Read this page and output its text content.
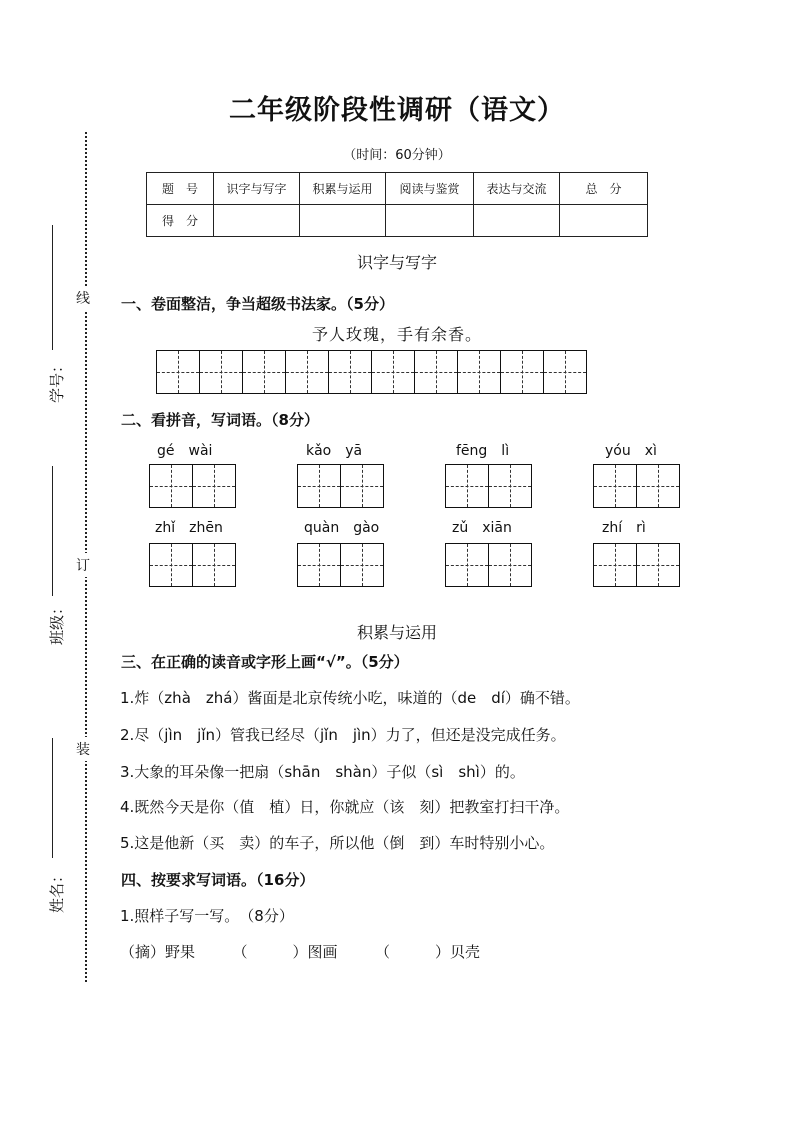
线
订
装
学号：
班级：
姓名：
二年级阶段性调研（语文）
（时间：60分钟）
题　号	识字与写字	积累与运用	阅读与鉴赏	表达与交流	总　分
得　分					
识字与写字
一、卷面整洁，争当超级书法家。（5分）
予人玫瑰，手有余香。
二、看拼音，写词语。（8分）
gé　wài	kǎo　yā	fēng　lì	yóu　xì
zhǐ　zhēn	quàn　gào	zǔ　xiān	zhí　rì
积累与运用
三、在正确的读音或字形上画“√”。（5分）
1.炸（zhà　zhá）酱面是北京传统小吃，味道的（de　dí）确不错。
2.尽（jìn　jǐn）管我已经尽（jǐn　jìn）力了，但还是没完成任务。
3.大象的耳朵像一把扇（shān　shàn）子似（sì　shì）的。
4.既然今天是你（值　植）日，你就应（该　刻）把教室打扫干净。
5.这是他新（买　卖）的车子，所以他（倒　到）车时特别小心。
四、按要求写词语。（16分）
1.照样子写一写。　（8分）
（摘）野果　　　（　　　）图画　　　（　　　）贝壳
